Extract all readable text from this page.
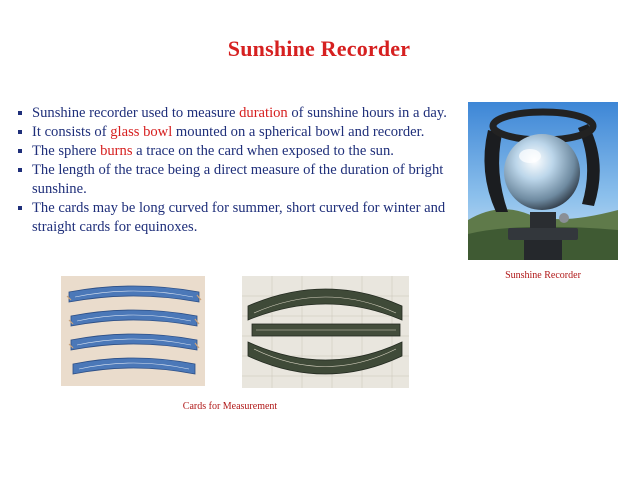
Sunshine Recorder
Sunshine recorder used to measure duration of sunshine hours in a day.
It consists of glass bowl mounted on a spherical bowl and recorder.
The sphere burns a trace on the card when exposed to the sun.
The length of the trace being a direct measure of the duration of bright sunshine.
The cards may be long curved for summer, short curved for winter and straight cards for equinoxes.
Sunshine Recorder
Cards for Measurement
